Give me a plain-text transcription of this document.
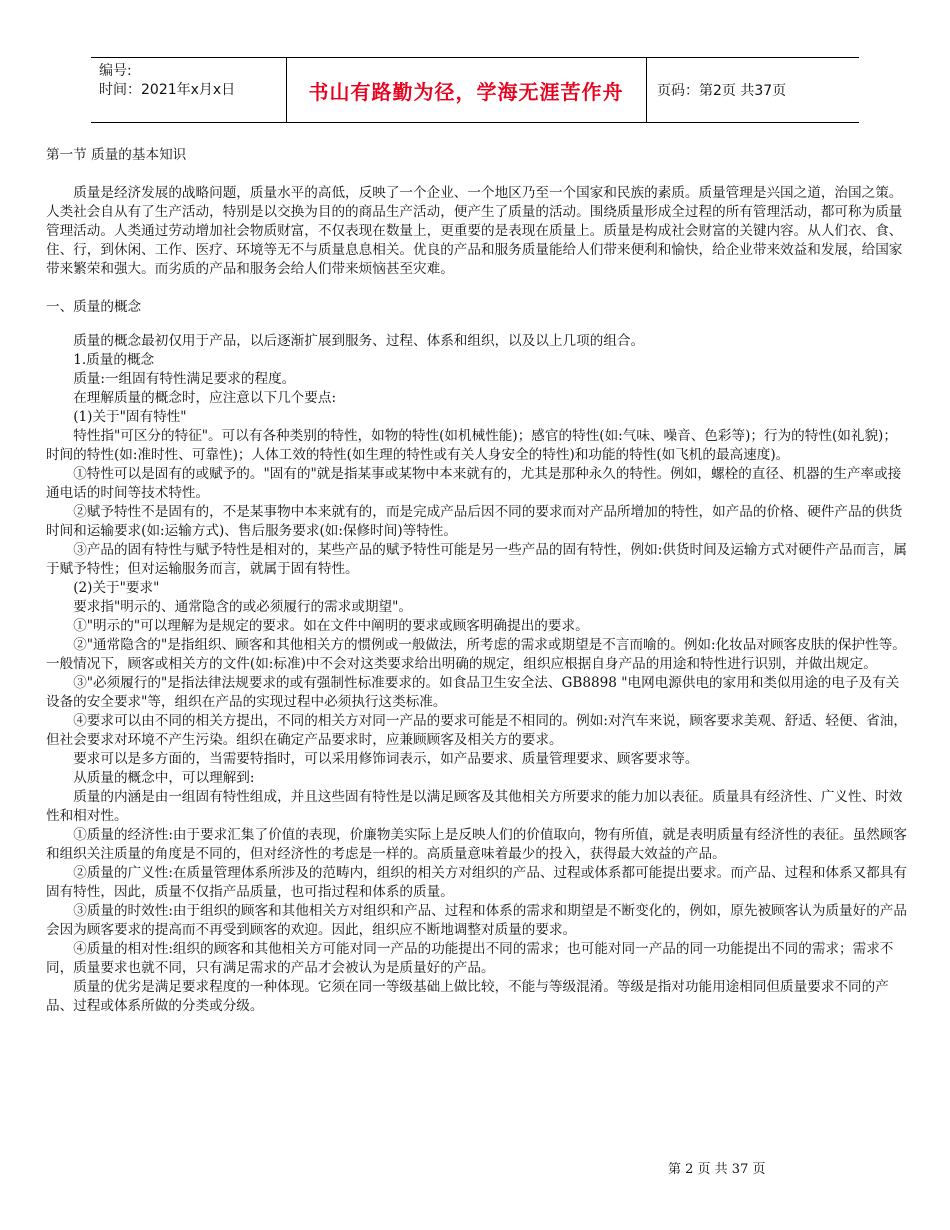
编号:
时间：2021年x月x日	书山有路勤为径，学海无涯苦作舟	页码：第2页 共37页

第一节 质量的基本知识

质量是经济发展的战略问题，质量水平的高低，反映了一个企业、一个地区乃至一个国家和民族的素质。质量管理是兴国之道，治国之策。人类社会自从有了生产活动，特别是以交换为目的的商品生产活动，便产生了质量的活动。围绕质量形成全过程的所有管理活动，都可称为质量管理活动。人类通过劳动增加社会物质财富，不仅表现在数量上，更重要的是表现在质量上。质量是构成社会财富的关键内容。从人们衣、食、住、行，到休闲、工作、医疗、环境等无不与质量息息相关。优良的产品和服务质量能给人们带来便利和愉快，给企业带来效益和发展，给国家带来繁荣和强大。而劣质的产品和服务会给人们带来烦恼甚至灾难。

一、质量的概念

质量的概念最初仅用于产品，以后逐渐扩展到服务、过程、体系和组织，以及以上几项的组合。

1.质量的概念

质量:一组固有特性满足要求的程度。

在理解质量的概念时，应注意以下几个要点:

(1)关于"固有特性"

特性指"可区分的特征"。可以有各种类别的特性，如物的特性(如机械性能)；感官的特性(如:气味、噪音、色彩等)；行为的特性(如礼貌)；时间的特性(如:准时性、可靠性)；人体工效的特性(如生理的特性或有关人身安全的特性)和功能的特性(如飞机的最高速度)。

①特性可以是固有的或赋予的。"固有的"就是指某事或某物中本来就有的，尤其是那种永久的特性。例如，螺栓的直径、机器的生产率或接通电话的时间等技术特性。

②赋予特性不是固有的，不是某事物中本来就有的，而是完成产品后因不同的要求而对产品所增加的特性，如产品的价格、硬件产品的供货时间和运输要求(如:运输方式)、售后服务要求(如:保修时间)等特性。

③产品的固有特性与赋予特性是相对的，某些产品的赋予特性可能是另一些产品的固有特性，例如:供货时间及运输方式对硬件产品而言，属于赋予特性；但对运输服务而言，就属于固有特性。

(2)关于"要求"

要求指"明示的、通常隐含的或必须履行的需求或期望"。

①"明示的"可以理解为是规定的要求。如在文件中阐明的要求或顾客明确提出的要求。

②"通常隐含的"是指组织、顾客和其他相关方的惯例或一般做法，所考虑的需求或期望是不言而喻的。例如:化妆品对顾客皮肤的保护性等。一般情况下，顾客或相关方的文件(如:标准)中不会对这类要求给出明确的规定，组织应根据自身产品的用途和特性进行识别，并做出规定。

③"必须履行的"是指法律法规要求的或有强制性标准要求的。如食品卫生安全法、GB8898 "电网电源供电的家用和类似用途的电子及有关设备的安全要求"等，组织在产品的实现过程中必须执行这类标准。

④要求可以由不同的相关方提出，不同的相关方对同一产品的要求可能是不相同的。例如:对汽车来说，顾客要求美观、舒适、轻便、省油，但社会要求对环境不产生污染。组织在确定产品要求时，应兼顾顾客及相关方的要求。

要求可以是多方面的，当需要特指时，可以采用修饰词表示，如产品要求、质量管理要求、顾客要求等。

从质量的概念中，可以理解到:

质量的内涵是由一组固有特性组成，并且这些固有特性是以满足顾客及其他相关方所要求的能力加以表征。质量具有经济性、广义性、时效性和相对性。

①质量的经济性:由于要求汇集了价值的表现，价廉物美实际上是反映人们的价值取向，物有所值，就是表明质量有经济性的表征。虽然顾客和组织关注质量的角度是不同的，但对经济性的考虑是一样的。高质量意味着最少的投入，获得最大效益的产品。

②质量的广义性:在质量管理体系所涉及的范畴内，组织的相关方对组织的产品、过程或体系都可能提出要求。而产品、过程和体系又都具有固有特性，因此，质量不仅指产品质量，也可指过程和体系的质量。

③质量的时效性:由于组织的顾客和其他相关方对组织和产品、过程和体系的需求和期望是不断变化的，例如，原先被顾客认为质量好的产品会因为顾客要求的提高而不再受到顾客的欢迎。因此，组织应不断地调整对质量的要求。

④质量的相对性:组织的顾客和其他相关方可能对同一产品的功能提出不同的需求；也可能对同一产品的同一功能提出不同的需求；需求不同，质量要求也就不同，只有满足需求的产品才会被认为是质量好的产品。

质量的优劣是满足要求程度的一种体现。它须在同一等级基础上做比较，不能与等级混淆。等级是指对功能用途相同但质量要求不同的产品、过程或体系所做的分类或分级。

第 2 页 共 37 页
